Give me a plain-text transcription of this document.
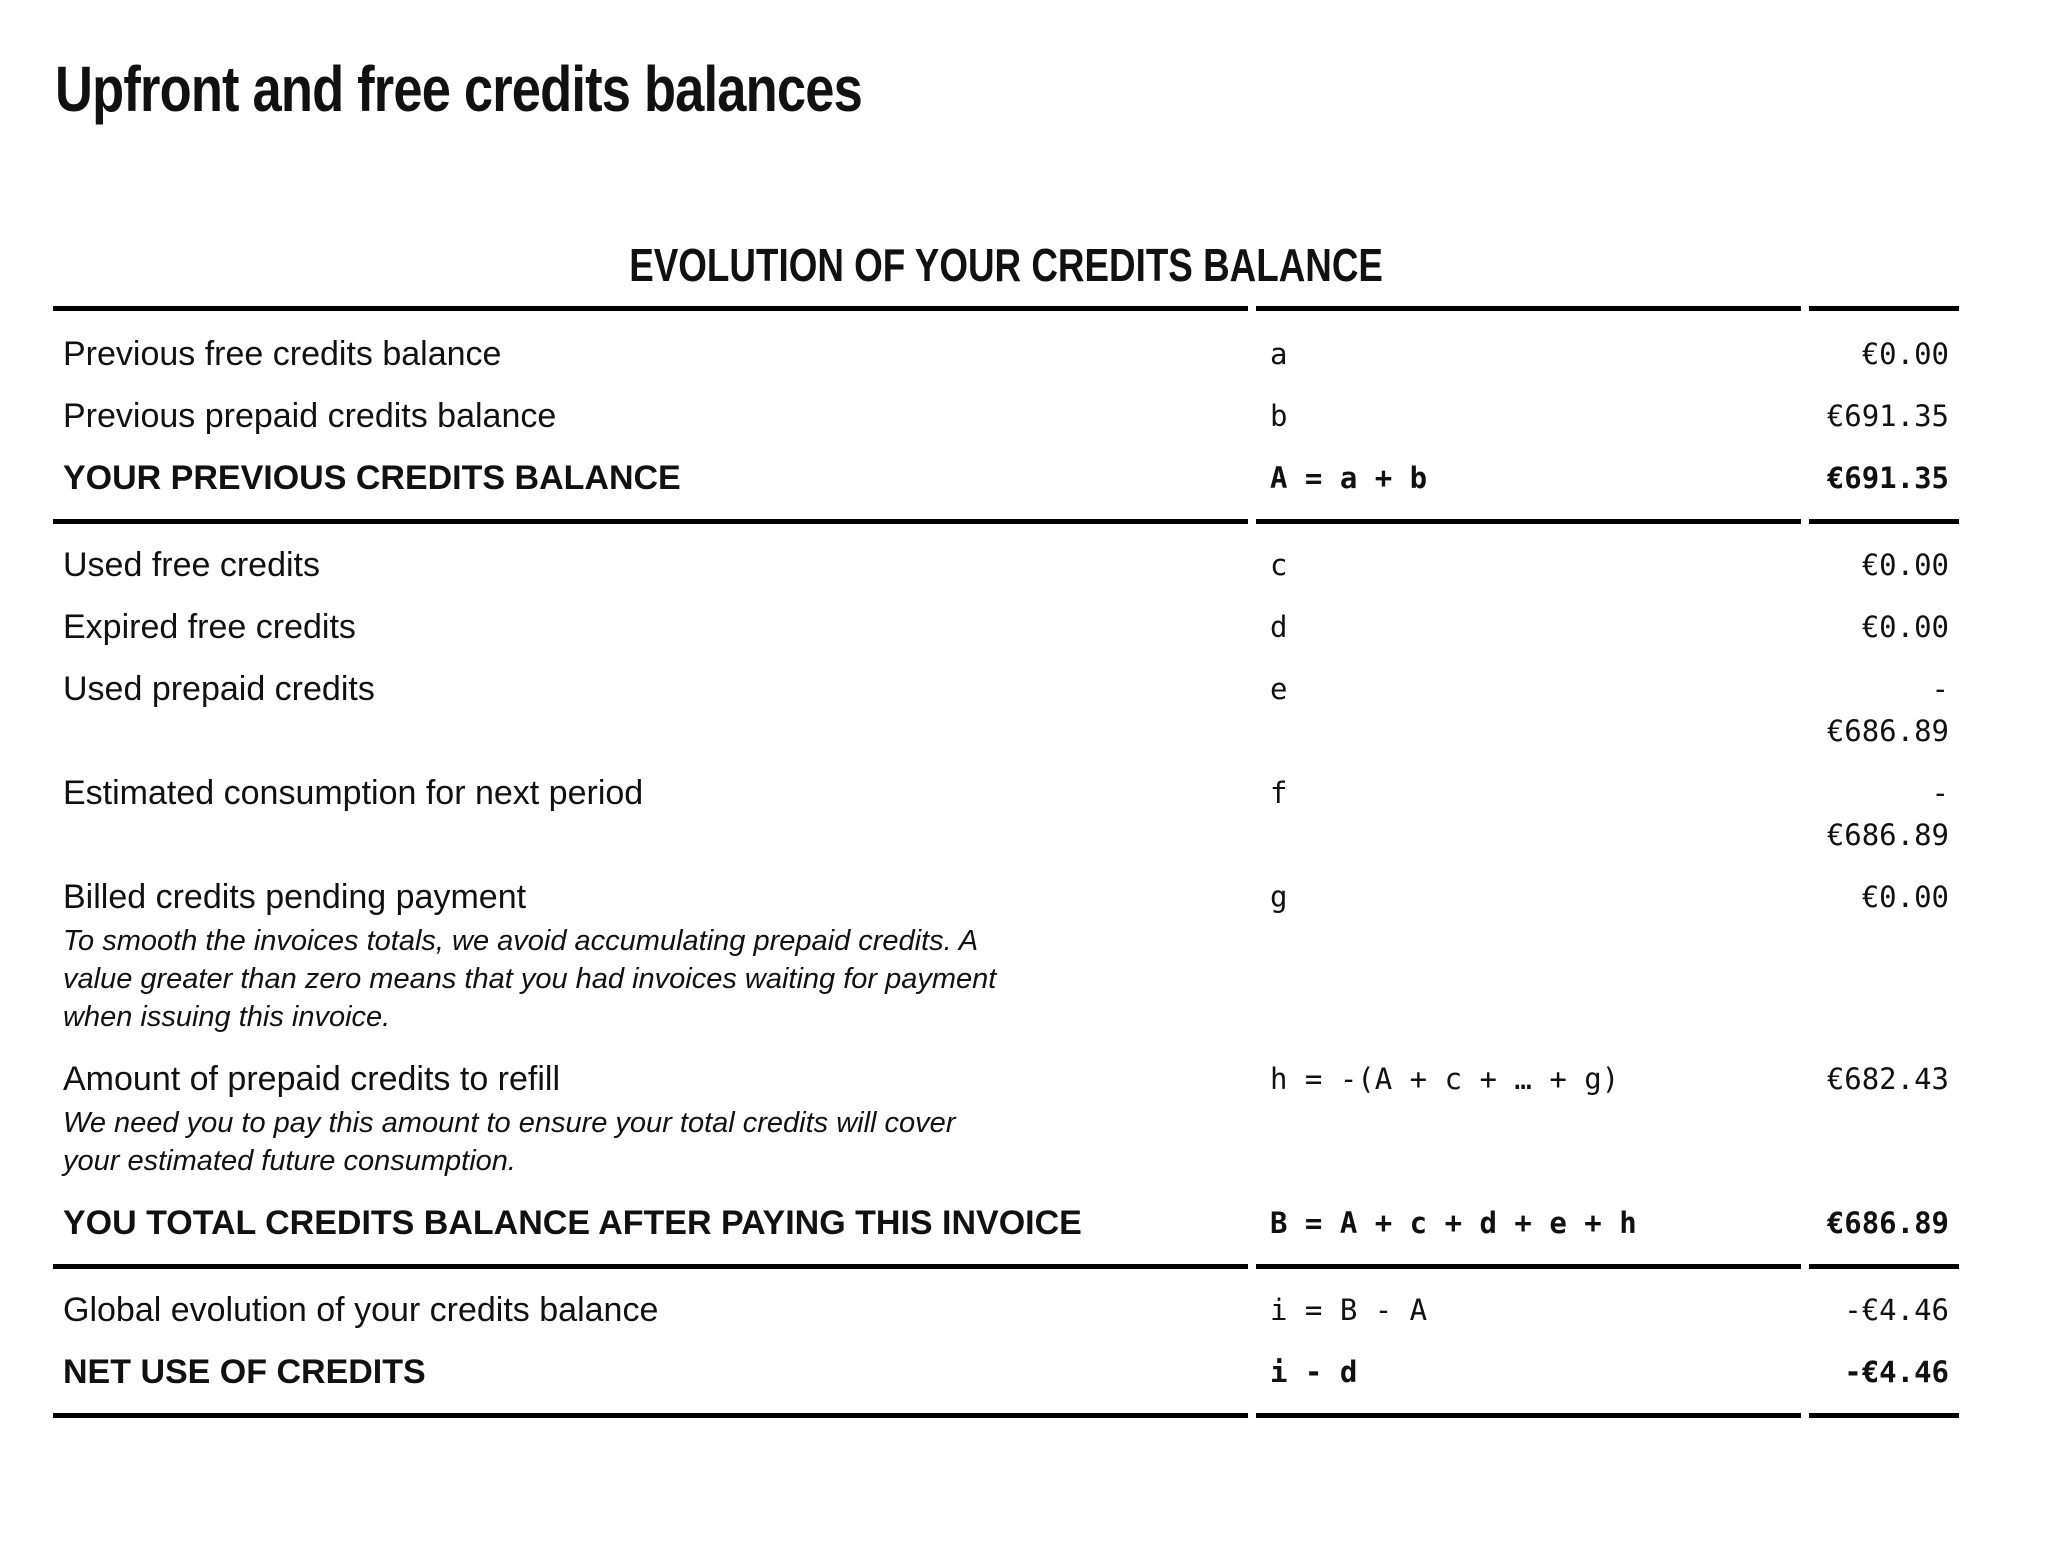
Upfront and free credits balances
EVOLUTION OF YOUR CREDITS BALANCE
Previous free credits balance	a	€0.00

Previous prepaid credits balance	b	€691.35

YOUR PREVIOUS CREDITS BALANCE	A = a + b	€691.35

Used free credits	c	€0.00

Expired free credits	d	€0.00

Used prepaid credits	e	-
€686.89

Estimated consumption for next period	f	-
€686.89

Billed credits pending payment
To smooth the invoices totals, we avoid accumulating prepaid credits. A value greater than zero means that you had invoices waiting for payment when issuing this invoice.	g	€0.00

Amount of prepaid credits to refill
We need you to pay this amount to ensure your total credits will cover your estimated future consumption.	h = -(A + c + … + g)	€682.43

YOU TOTAL CREDITS BALANCE AFTER PAYING THIS INVOICE	B = A + c + d + e + h	€686.89

Global evolution of your credits balance	i = B - A	-€4.46

NET USE OF CREDITS	i - d	-€4.46
